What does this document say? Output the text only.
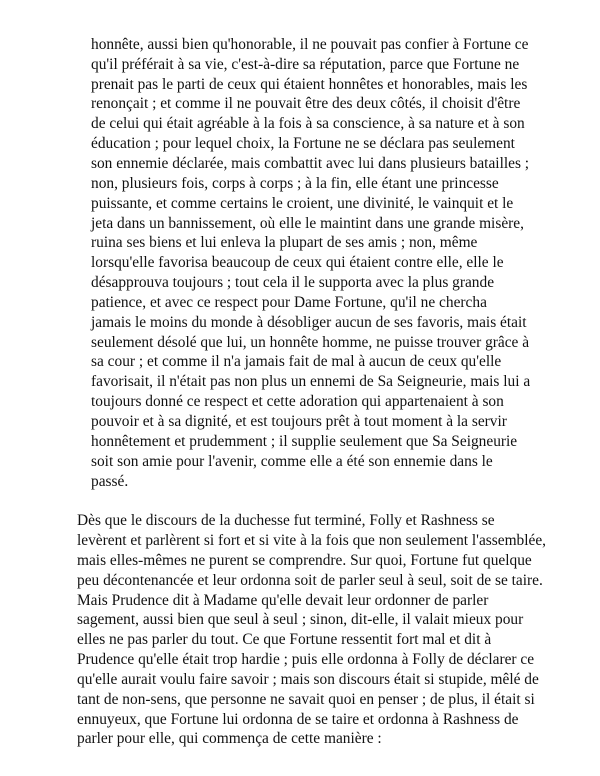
honnête, aussi bien qu'honorable, il ne pouvait pas confier à Fortune ce
qu'il préférait à sa vie, c'est-à-dire sa réputation, parce que Fortune ne
prenait pas le parti de ceux qui étaient honnêtes et honorables, mais les
renonçait ; et comme il ne pouvait être des deux côtés, il choisit d'être
de celui qui était agréable à la fois à sa conscience, à sa nature et à son
éducation ; pour lequel choix, la Fortune ne se déclara pas seulement
son ennemie déclarée, mais combattit avec lui dans plusieurs batailles ;
non, plusieurs fois, corps à corps ; à la fin, elle étant une princesse
puissante, et comme certains le croient, une divinité, le vainquit et le
jeta dans un bannissement, où elle le maintint dans une grande misère,
ruina ses biens et lui enleva la plupart de ses amis ; non, même
lorsqu'elle favorisa beaucoup de ceux qui étaient contre elle, elle le
désapprouva toujours ; tout cela il le supporta avec la plus grande
patience, et avec ce respect pour Dame Fortune, qu'il ne chercha
jamais le moins du monde à désobliger aucun de ses favoris, mais était
seulement désolé que lui, un honnête homme, ne puisse trouver grâce à
sa cour ; et comme il n'a jamais fait de mal à aucun de ceux qu'elle
favorisait, il n'était pas non plus un ennemi de Sa Seigneurie, mais lui a
toujours donné ce respect et cette adoration qui appartenaient à son
pouvoir et à sa dignité, et est toujours prêt à tout moment à la servir
honnêtement et prudemment ; il supplie seulement que Sa Seigneurie
soit son amie pour l'avenir, comme elle a été son ennemie dans le
passé.
Dès que le discours de la duchesse fut terminé, Folly et Rashness se
levèrent et parlèrent si fort et si vite à la fois que non seulement l'assemblée,
mais elles-mêmes ne purent se comprendre. Sur quoi, Fortune fut quelque
peu décontenancée et leur ordonna soit de parler seul à seul, soit de se taire.
Mais Prudence dit à Madame qu'elle devait leur ordonner de parler
sagement, aussi bien que seul à seul ; sinon, dit-elle, il valait mieux pour
elles ne pas parler du tout. Ce que Fortune ressentit fort mal et dit à
Prudence qu'elle était trop hardie ; puis elle ordonna à Folly de déclarer ce
qu'elle aurait voulu faire savoir ; mais son discours était si stupide, mêlé de
tant de non-sens, que personne ne savait quoi en penser ; de plus, il était si
ennuyeux, que Fortune lui ordonna de se taire et ordonna à Rashness de
parler pour elle, qui commença de cette manière :
